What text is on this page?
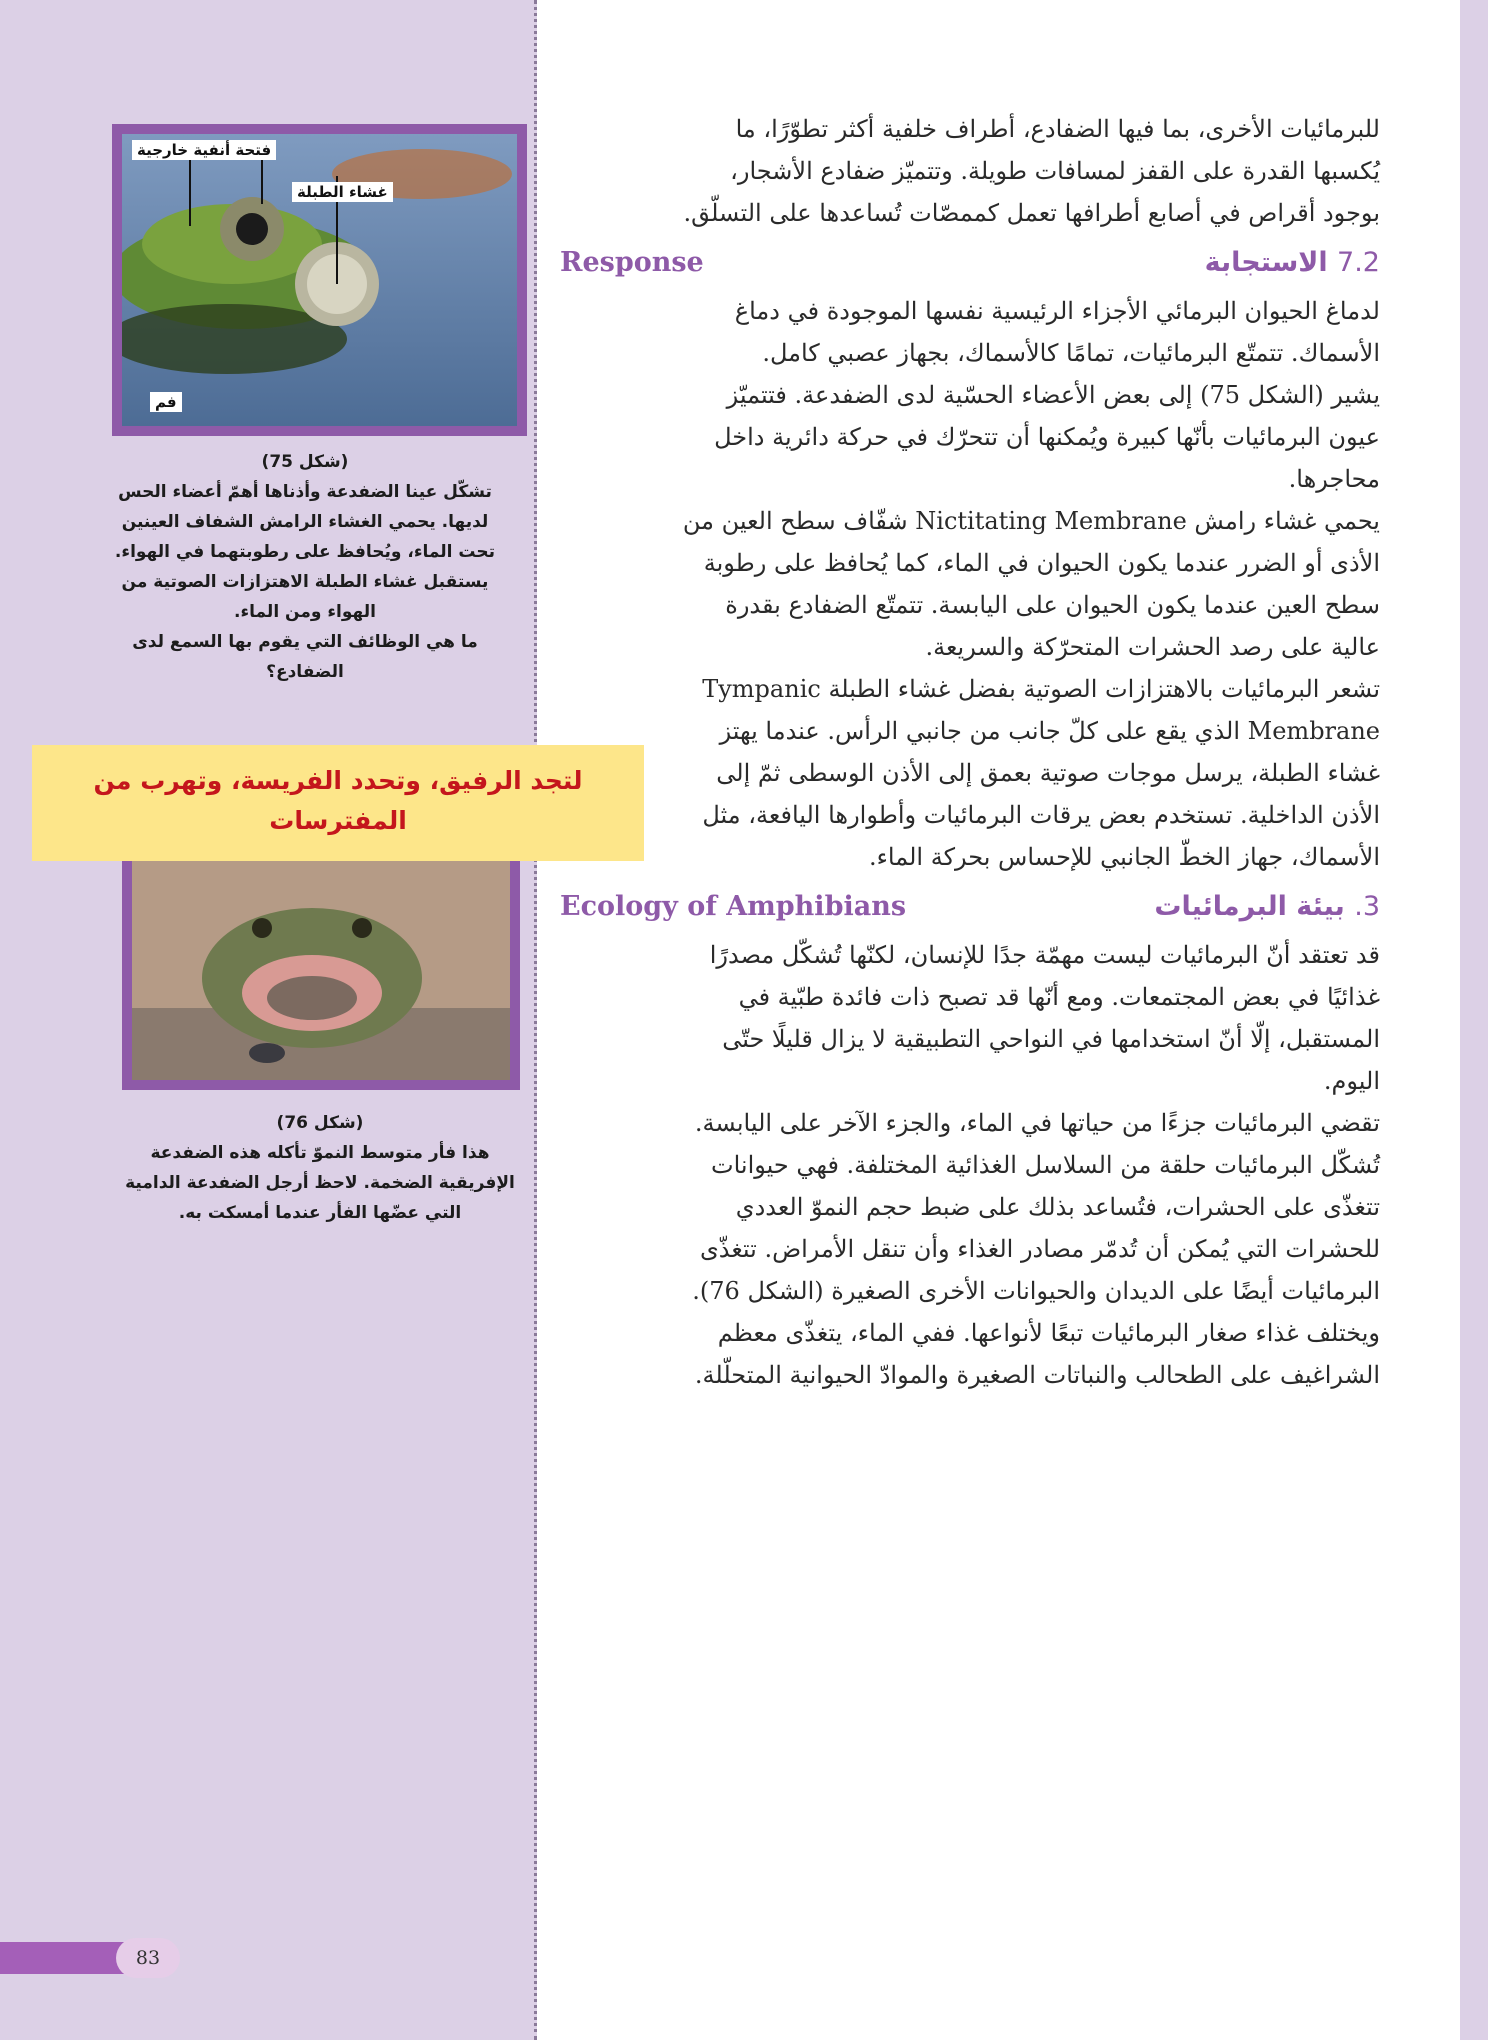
فتحة أنفية خارجية
غشاء الطبلة
فم
(شكل 75)
تشكّل عينا الضفدعة وأذناها أهمّ أعضاء الحس
لديها. يحمي الغشاء الرامش الشفاف العينين
تحت الماء، ويُحافظ على رطوبتهما في الهواء.
يستقبل غشاء الطبلة الاهتزازات الصوتية من
الهواء ومن الماء.
ما هي الوظائف التي يقوم بها السمع لدى
الضفادع؟
(شكل 76)
هذا فأر متوسط النموّ تأكله هذه الضفدعة
الإفريقية الضخمة. لاحظ أرجل الضفدعة الدامية
التي عضّها الفأر عندما أمسكت به.

للبرمائيات الأخرى، بما فيها الضفادع، أطراف خلفية أكثر تطوّرًا، ما
يُكسبها القدرة على القفز لمسافات طويلة. وتتميّز ضفادع الأشجار،
بوجود أقراص في أصابع أطرافها تعمل كممصّات تُساعدها على التسلّق.

Response	7.2 الاستجابة

لدماغ الحيوان البرمائي الأجزاء الرئيسية نفسها الموجودة في دماغ
الأسماك. تتمتّع البرمائيات، تمامًا كالأسماك، بجهاز عصبي كامل.
يشير (الشكل 75) إلى بعض الأعضاء الحسّية لدى الضفدعة. فتتميّز
عيون البرمائيات بأنّها كبيرة ويُمكنها أن تتحرّك في حركة دائرية داخل
محاجرها.

يحمي غشاء رامش Nictitating Membrane شفّاف سطح العين من
الأذى أو الضرر عندما يكون الحيوان في الماء، كما يُحافظ على رطوبة
سطح العين عندما يكون الحيوان على اليابسة. تتمتّع الضفادع بقدرة
عالية على رصد الحشرات المتحرّكة والسريعة.

تشعر البرمائيات بالاهتزازات الصوتية بفضل غشاء الطبلة Tympanic
Membrane الذي يقع على كلّ جانب من جانبي الرأس. عندما يهتز
غشاء الطبلة، يرسل موجات صوتية بعمق إلى الأذن الوسطى ثمّ إلى
الأذن الداخلية. تستخدم بعض يرقات البرمائيات وأطوارها اليافعة، مثل
الأسماك، جهاز الخطّ الجانبي للإحساس بحركة الماء.

Ecology of Amphibians	3. بيئة البرمائيات

قد تعتقد أنّ البرمائيات ليست مهمّة جدًا للإنسان، لكنّها تُشكّل مصدرًا
غذائيًا في بعض المجتمعات. ومع أنّها قد تصبح ذات فائدة طبّية في
المستقبل، إلّا أنّ استخدامها في النواحي التطبيقية لا يزال قليلًا حتّى
اليوم.

تقضي البرمائيات جزءًا من حياتها في الماء، والجزء الآخر على اليابسة.
تُشكّل البرمائيات حلقة من السلاسل الغذائية المختلفة. فهي حيوانات
تتغذّى على الحشرات، فتُساعد بذلك على ضبط حجم النموّ العددي
للحشرات التي يُمكن أن تُدمّر مصادر الغذاء وأن تنقل الأمراض. تتغذّى
البرمائيات أيضًا على الديدان والحيوانات الأخرى الصغيرة (الشكل 76).
ويختلف غذاء صغار البرمائيات تبعًا لأنواعها. ففي الماء، يتغذّى معظم
الشراغيف على الطحالب والنباتات الصغيرة والموادّ الحيوانية المتحلّلة.

لتجد الرفيق، وتحدد الفريسة، وتهرب من
المفترسات
83
